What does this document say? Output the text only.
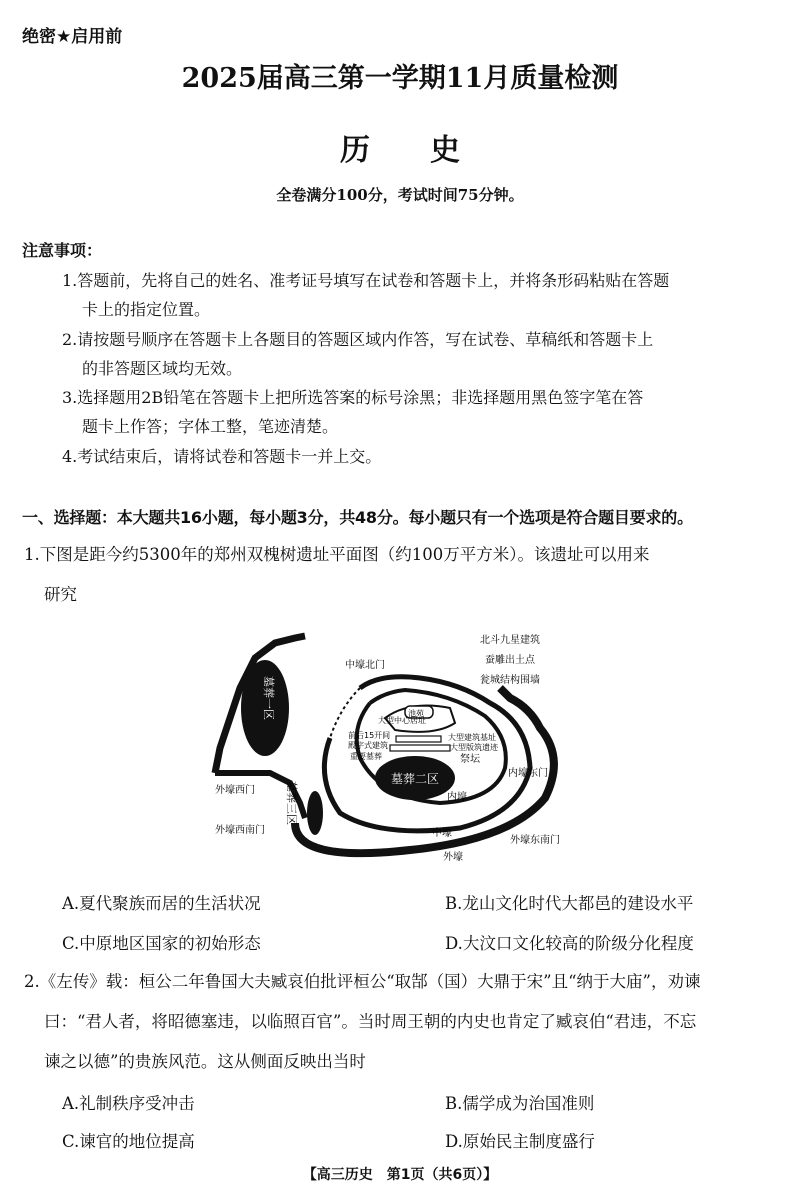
绝密★启用前
2025届高三第一学期11月质量检测
历史
全卷满分100分，考试时间75分钟。
注意事项：
1.答题前，先将自己的姓名、准考证号填写在试卷和答题卡上，并将条形码粘贴在答题
卡上的指定位置。
2.请按题号顺序在答题卡上各题目的答题区域内作答，写在试卷、草稿纸和答题卡上
的非答题区域均无效。
3.选择题用2B铅笔在答题卡上把所选答案的标号涂黑；非选择题用黑色签字笔在答
题卡上作答；字体工整，笔迹清楚。
4.考试结束后，请将试卷和答题卡一并上交。
一、选择题：本大题共16小题，每小题3分，共48分。每小题只有一个选项是符合题目要求的。
1.下图是距今约5300年的郑州双槐树遗址平面图（约100万平方米）。该遗址可以用来
研究
墓葬一区
墓葬二区
墓葬三区
中壕北门
外壕西门
外壕西南门
内壕东门
外壕东南门
北斗九星建筑
蚕雕出土点
瓮城结构围墙
池苑
大型中心居址
前后15开间
殿字式建筑
重要墓葬
大型建筑基址
大型版筑遗迹
祭坛
内壕
中壕
外壕
A.夏代聚族而居的生活状况	B.龙山文化时代大都邑的建设水平
C.中原地区国家的初始形态	D.大汶口文化较高的阶级分化程度
2.《左传》载：桓公二年鲁国大夫臧哀伯批评桓公“取郜（国）大鼎于宋”且“纳于大庙”，劝谏
曰：“君人者，将昭德塞违，以临照百官”。当时周王朝的内史也肯定了臧哀伯“君违，不忘
谏之以德”的贵族风范。这从侧面反映出当时
A.礼制秩序受冲击	B.儒学成为治国准则
C.谏官的地位提高	D.原始民主制度盛行
【高三历史　第1页（共6页）】
